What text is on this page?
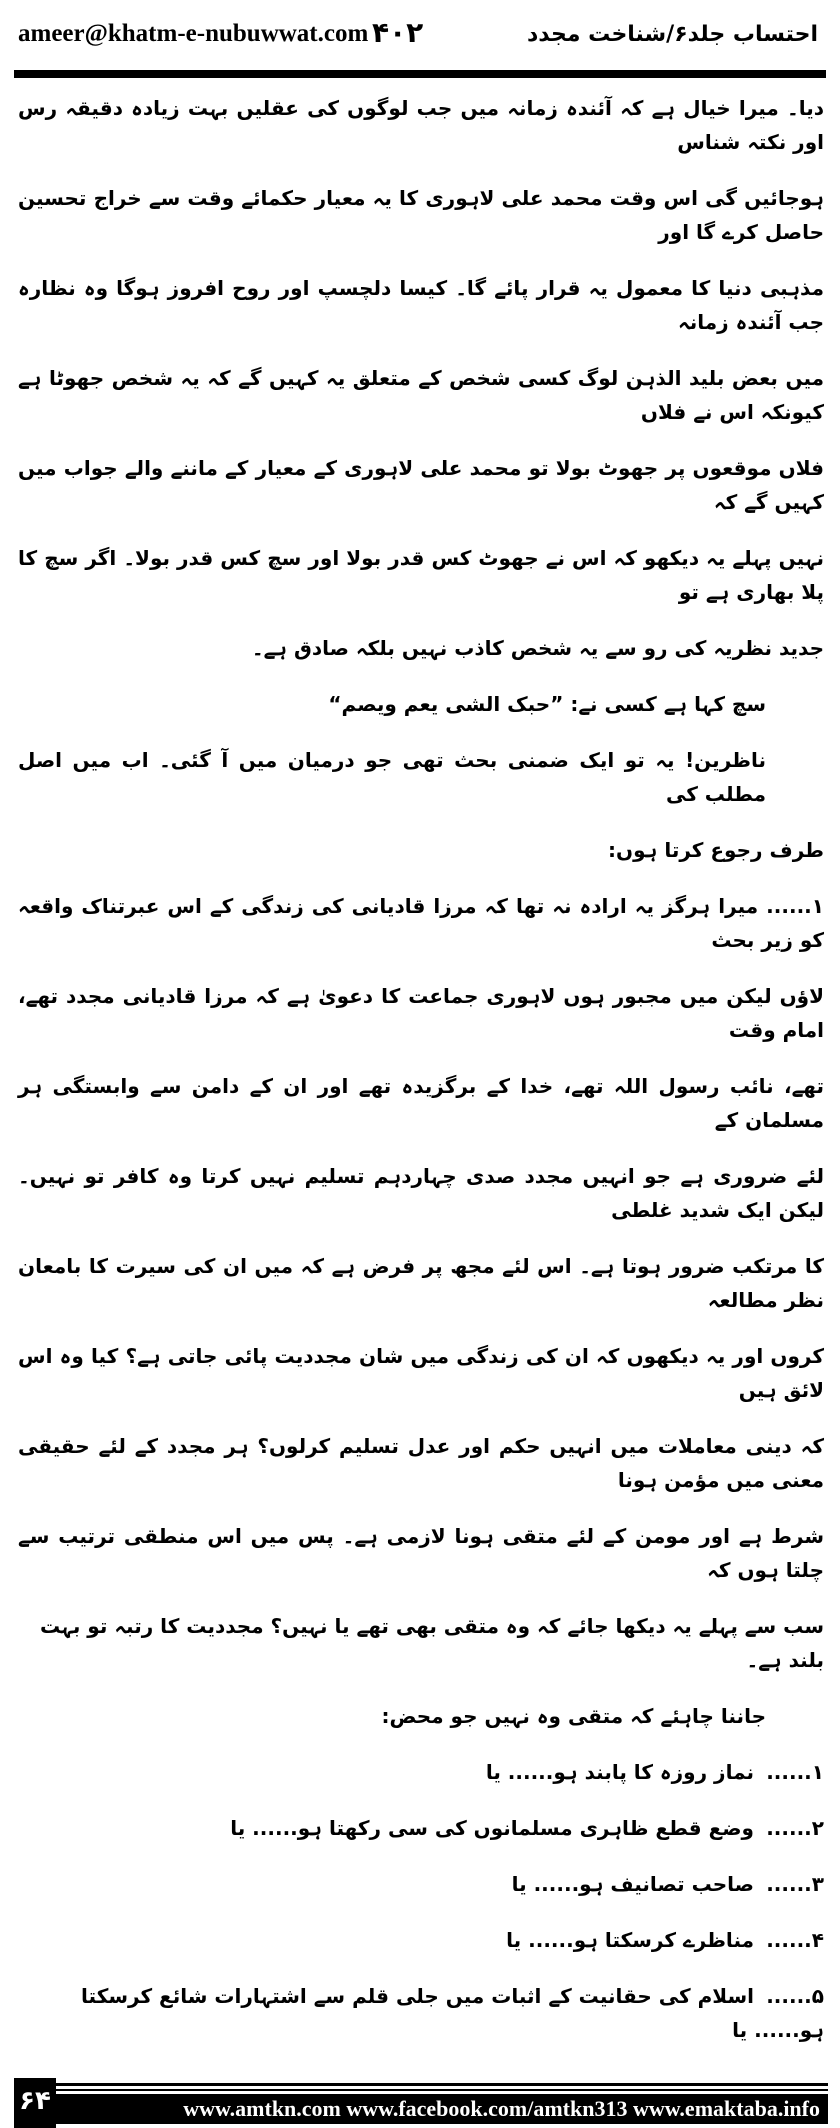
احتساب جلد۶/شناخت مجدد
ameer@khatm-e-nubuwwat.com ۴۰۲
دیا۔ میرا خیال ہے کہ آئندہ زمانہ میں جب لوگوں کی عقلیں بہت زیادہ دقیقہ رس اور نکتہ شناس
ہوجائیں گی اس وقت محمد علی لاہوری کا یہ معیار حکمائے وقت سے خراج تحسین حاصل کرے گا اور
مذہبی دنیا کا معمول یہ قرار پائے گا۔ کیسا دلچسپ اور روح افروز ہوگا وہ نظارہ جب آئندہ زمانہ
میں بعض بلید الذہن لوگ کسی شخص کے متعلق یہ کہیں گے کہ یہ شخص جھوٹا ہے کیونکہ اس نے فلاں
فلاں موقعوں پر جھوٹ بولا تو محمد علی لاہوری کے معیار کے ماننے والے جواب میں کہیں گے کہ
نہیں پہلے یہ دیکھو کہ اس نے جھوٹ کس قدر بولا اور سچ کس قدر بولا۔ اگر سچ کا پلا بھاری ہے تو
جدید نظریہ کی رو سے یہ شخص کاذب نہیں بلکہ صادق ہے۔
سچ کہا ہے کسی نے: ”حبک الشی یعم ویصم“
ناظرین! یہ تو ایک ضمنی بحث تھی جو درمیان میں آ گئی۔ اب میں اصل مطلب کی
طرف رجوع کرتا ہوں:
۱...... میرا ہرگز یہ ارادہ نہ تھا کہ مرزا قادیانی کی زندگی کے اس عبرتناک واقعہ کو زیر بحث
لاؤں لیکن میں مجبور ہوں لاہوری جماعت کا دعویٰ ہے کہ مرزا قادیانی مجدد تھے، امام وقت
تھے، نائب رسول اللہ تھے، خدا کے برگزیدہ تھے اور ان کے دامن سے وابستگی ہر مسلمان کے
لئے ضروری ہے جو انہیں مجدد صدی چہاردہم تسلیم نہیں کرتا وہ کافر تو نہیں۔ لیکن ایک شدید غلطی
کا مرتکب ضرور ہوتا ہے۔ اس لئے مجھ پر فرض ہے کہ میں ان کی سیرت کا بامعان نظر مطالعہ
کروں اور یہ دیکھوں کہ ان کی زندگی میں شان مجددیت پائی جاتی ہے؟ کیا وہ اس لائق ہیں
کہ دینی معاملات میں انہیں حکم اور عدل تسلیم کرلوں؟ ہر مجدد کے لئے حقیقی معنی میں مؤمن ہونا
شرط ہے اور مومن کے لئے متقی ہونا لازمی ہے۔ پس میں اس منطقی ترتیب سے چلتا ہوں کہ
سب سے پہلے یہ دیکھا جائے کہ وہ متقی بھی تھے یا نہیں؟ مجددیت کا رتبہ تو بہت بلند ہے۔
جاننا چاہئے کہ متقی وہ نہیں جو محض:
۱......نماز روزہ کا پابند ہو...... یا
۲......وضع قطع ظاہری مسلمانوں کی سی رکھتا ہو...... یا
۳......صاحب تصانیف ہو...... یا
۴......مناظرے کرسکتا ہو...... یا
۵......اسلام کی حقانیت کے اثبات میں جلی قلم سے اشتہارات شائع کرسکتا ہو...... یا
۶۴	www.amtkn.com www.facebook.com/amtkn313 www.emaktaba.info
